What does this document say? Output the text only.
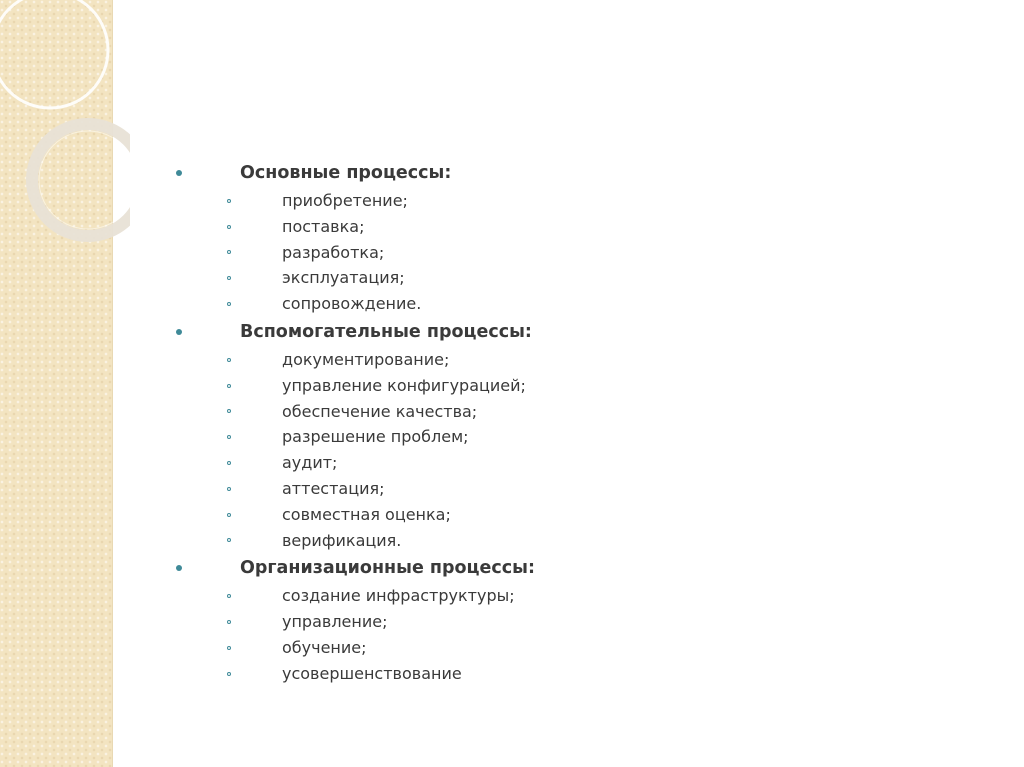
Основные процессы:
приобретение;
поставка;
разработка;
эксплуатация;
сопровождение.
Вспомогательные процессы:
документирование;
управление конфигурацией;
обеспечение качества;
разрешение проблем;
аудит;
аттестация;
совместная оценка;
верификация.
Организационные процессы:
создание инфраструктуры;
управление;
обучение;
усовершенствование
